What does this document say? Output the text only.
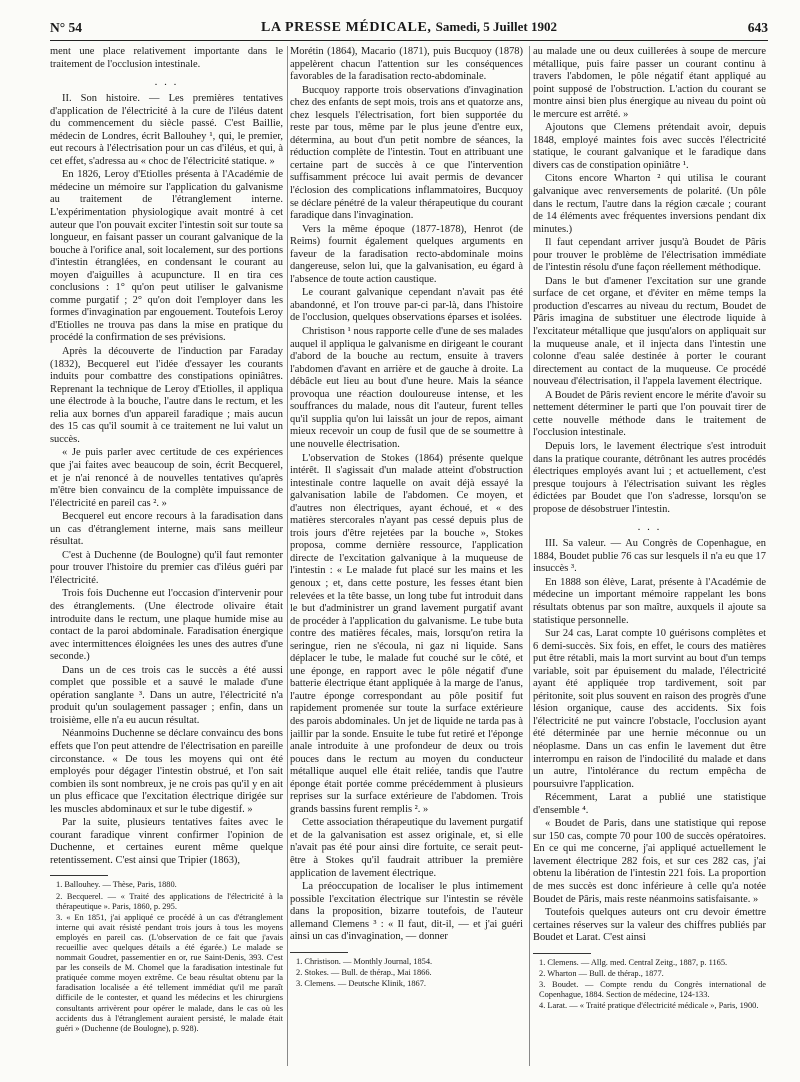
N° 54	LA PRESSE MÉDICALE, Samedi, 5 Juillet 1902	643

ment une place relativement importante dans le traitement de l'occlusion intestinale.

. . .

II. Son histoire. — Les premières tentatives d'application de l'électricité à la cure de l'iléus datent du commencement du siècle passé. C'est Baillie, médecin de Londres, écrit Ballouhey ¹, qui, le premier, eut recours à l'électrisation pour un cas d'iléus, et qui, à cet effet, s'adressa au « choc de l'électricité statique. »

En 1826, Leroy d'Etiolles présenta à l'Académie de médecine un mémoire sur l'application du galvanisme au traitement de l'étranglement interne. L'expérimentation physiologique avait montré à cet auteur que l'on pouvait exciter l'intestin soit sur toute sa longueur, en faisant passer un courant galvanique de la bouche à l'orifice anal, soit localement, sur des portions d'intestin étranglées, en condensant le courant au moyen d'aiguilles à acupuncture. Il en tira ces conclusions : 1° qu'on peut utiliser le galvanisme comme purgatif ; 2° qu'on doit l'employer dans les formes d'invagination par engouement. Toutefois Leroy d'Etiolles ne trouva pas dans la mise en pratique du procédé la confirmation de ses prévisions.

Après la découverte de l'induction par Faraday (1832), Becquerel eut l'idée d'essayer les courants induits pour combattre des constipations opiniâtres. Reprenant la technique de Leroy d'Etiolles, il appliqua une électrode à la bouche, l'autre dans le rectum, et les relia aux bornes d'un appareil faradique ; mais aucun des 15 cas qu'il soumit à ce traitement ne lui valut un succès.

« Je puis parler avec certitude de ces expériences que j'ai faites avec beaucoup de soin, écrit Becquerel, et je n'ai renoncé à de nouvelles tentatives qu'après m'être bien convaincu de la complète impuissance de l'électricité en pareil cas ². »

Becquerel eut encore recours à la faradisation dans un cas d'étranglement interne, mais sans meilleur résultat.

C'est à Duchenne (de Boulogne) qu'il faut remonter pour trouver l'histoire du premier cas d'iléus guéri par l'électricité.

Trois fois Duchenne eut l'occasion d'intervenir pour des étranglements. (Une électrode olivaire était introduite dans le rectum, une plaque humide mise au contact de la paroi abdominale. Faradisation énergique avec intermittences éloignées les unes des autres d'une seconde.)

Dans un de ces trois cas le succès a été aussi complet que possible et a sauvé le malade d'une opération sanglante ³. Dans un autre, l'électricité n'a produit qu'un soulagement passager ; enfin, dans un troisième, elle n'a eu aucun résultat.

Néanmoins Duchenne se déclare convaincu des bons effets que l'on peut attendre de l'électrisation en pareille circonstance. « De tous les moyens qui ont été employés pour dégager l'intestin obstrué, et l'on sait combien ils sont nombreux, je ne crois pas qu'il y en ait un plus efficace que l'excitation électrique dirigée sur les muscles abdominaux et sur le tube digestif. »

Par la suite, plusieurs tentatives faites avec le courant faradique vinrent confirmer l'opinion de Duchenne, et certaines eurent même quelque retentissement. C'est ainsi que Tripier (1863),

1. Ballouhey. — Thèse, Paris, 1880.

2. Becquerel. — « Traité des applications de l'électricité à la thérapeutique ». Paris, 1860, p. 295.

3. « En 1851, j'ai appliqué ce procédé à un cas d'étranglement interne qui avait résisté pendant trois jours à tous les moyens employés en pareil cas. (L'observation de ce fait que j'avais recueillie avec quelques détails a été égarée.) Le malade se nommait Goudret, passementier en or, rue Saint-Denis, 393. C'est par les conseils de M. Chomel que la faradisation intestinale fut pratiquée comme moyen extrême. Ce beau résultat obtenu par la faradisation localisée a été tellement immédiat qu'il me paraît difficile de le contester, et quand les médecins et les chirurgiens consultants arrivèrent pour opérer le malade, dans le cas où les accidents dus à l'étranglement auraient persisté, le malade était guéri » (Duchenne (de Boulogne), p. 928).

Morétin (1864), Macario (1871), puis Bucquoy (1878) appelèrent chacun l'attention sur les conséquences favorables de la faradisation recto-abdominale.

Bucquoy rapporte trois observations d'invagination chez des enfants de sept mois, trois ans et quatorze ans, chez lesquels l'électrisation, fort bien supportée du reste par tous, même par le plus jeune d'entre eux, détermina, au bout d'un petit nombre de séances, la réduction complète de l'intestin. Tout en attribuant une certaine part de succès à ce que l'intervention suffisamment précoce lui avait permis de devancer l'éclosion des complications inflammatoires, Bucquoy se déclare pénétré de la valeur thérapeutique du courant faradique dans l'invagination.

Vers la même époque (1877-1878), Henrot (de Reims) fournit également quelques arguments en faveur de la faradisation recto-abdominale moins dangereuse, selon lui, que la galvanisation, eu égard à l'absence de toute action caustique.

Le courant galvanique cependant n'avait pas été abandonné, et l'on trouve par-ci par-là, dans l'histoire de l'occlusion, quelques observations éparses et isolées.

Christison ¹ nous rapporte celle d'une de ses malades auquel il appliqua le galvanisme en dirigeant le courant d'abord de la bouche au rectum, ensuite à travers l'abdomen d'avant en arrière et de gauche à droite. La débâcle eut lieu au bout d'une heure. Mais la séance provoqua une réaction douloureuse intense, et les souffrances du malade, nous dit l'auteur, furent telles qu'il supplia qu'on lui laissât un jour de repos, aimant mieux recevoir un coup de fusil que de se soumettre à une nouvelle électrisation.

L'observation de Stokes (1864) présente quelque intérêt. Il s'agissait d'un malade atteint d'obstruction intestinale contre laquelle on avait déjà essayé la galvanisation labile de l'abdomen. Ce moyen, et d'autres non électriques, ayant échoué, et « des matières stercorales n'ayant pas cessé depuis plus de trois jours d'être rejetées par la bouche », Stokes proposa, comme dernière ressource, l'application directe de l'excitation galvanique à la muqueuse de l'intestin : « Le malade fut placé sur les mains et les genoux ; et, dans cette posture, les fesses étant bien relevées et la tête basse, un long tube fut introduit dans le but d'administrer un grand lavement purgatif avant de procéder à l'application du galvanisme. Le tube buta contre des matières fécales, mais, lorsqu'on retira la seringue, rien ne s'écoula, ni gaz ni liquide. Sans déplacer le tube, le malade fut couché sur le côté, et une éponge, en rapport avec le pôle négatif d'une batterie électrique étant appliquée à la marge de l'anus, l'autre éponge correspondant au pôle positif fut rapidement promenée sur toute la surface extérieure des parois abdominales. Un jet de liquide ne tarda pas à jaillir par la sonde. Ensuite le tube fut retiré et l'éponge anale introduite à une profondeur de deux ou trois pouces dans le rectum au moyen du conducteur métallique auquel elle était reliée, tandis que l'autre éponge était portée comme précédemment à plusieurs reprises sur la surface extérieure de l'abdomen. Trois grands bassins furent remplis ². »

Cette association thérapeutique du lavement purgatif et de la galvanisation est assez originale, et, si elle n'avait pas été pour ainsi dire fortuite, ce serait peut-être à Stokes qu'il faudrait attribuer la première application de lavement électrique.

La préoccupation de localiser le plus intimement possible l'excitation électrique sur l'intestin se révèle dans la proposition, bizarre toutefois, de l'auteur allemand Clemens ³ : « Il faut, dit-il, — et j'ai guéri ainsi un cas d'invagination, — donner

1. Christison. — Monthly Journal, 1854.

2. Stokes. — Bull. de thérap., Mai 1866.

3. Clemens. — Deutsche Klinik, 1867.

au malade une ou deux cuillerées à soupe de mercure métallique, puis faire passer un courant continu à travers l'abdomen, le pôle négatif étant appliqué au point supposé de l'obstruction. L'action du courant se montre ainsi bien plus énergique au niveau du point où le mercure est arrêté. »

Ajoutons que Clemens prétendait avoir, depuis 1848, employé maintes fois avec succès l'électricité statique, le courant galvanique et le faradique dans divers cas de constipation opiniâtre ¹.

Citons encore Wharton ² qui utilisa le courant galvanique avec renversements de polarité. (Un pôle dans le rectum, l'autre dans la région cæcale ; courant de 14 éléments avec fréquentes inversions pendant dix minutes.)

Il faut cependant arriver jusqu'à Boudet de Pâris pour trouver le problème de l'électrisation immédiate de l'intestin résolu d'une façon réellement méthodique.

Dans le but d'amener l'excitation sur une grande surface de cet organe, et d'éviter en même temps la production d'escarres au niveau du rectum, Boudet de Pâris imagina de substituer une électrode liquide à l'excitateur métallique que jusqu'alors on appliquait sur la muqueuse anale, et il injecta dans l'intestin une colonne d'eau salée destinée à porter le courant directement au contact de la muqueuse. Ce procédé nouveau d'électrisation, il l'appela lavement électrique.

A Boudet de Pâris revient encore le mérite d'avoir su nettement déterminer le parti que l'on pouvait tirer de cette nouvelle méthode dans le traitement de l'occlusion intestinale.

Depuis lors, le lavement électrique s'est introduit dans la pratique courante, détrônant les autres procédés électriques employés avant lui ; et actuellement, c'est presque toujours à l'électrisation suivant les règles édictées par Boudet que l'on s'adresse, lorsqu'on se propose de désobstruer l'intestin.

. . .

III. Sa valeur. — Au Congrès de Copenhague, en 1884, Boudet publie 76 cas sur lesquels il n'a eu que 17 insuccès ³.

En 1888 son élève, Larat, présente à l'Académie de médecine un important mémoire rappelant les bons résultats obtenus par son maître, auxquels il ajoute sa statistique personnelle.

Sur 24 cas, Larat compte 10 guérisons complètes et 6 demi-succès. Six fois, en effet, le cours des matières put être rétabli, mais la mort survint au bout d'un temps variable, soit par épuisement du malade, l'électricité ayant été appliquée trop tardivement, soit par péritonite, soit plus souvent en raison des progrès d'une lésion organique, cause des accidents. Six fois l'électricité ne put vaincre l'obstacle, l'occlusion ayant été déterminée par une hernie méconnue ou un néoplasme. Dans un cas enfin le lavement dut être interrompu en raison de l'indocilité du malade et dans un autre, l'intolérance du rectum empêcha de poursuivre l'application.

Récemment, Larat a publié une statistique d'ensemble ⁴.

« Boudet de Paris, dans une statistique qui repose sur 150 cas, compte 70 pour 100 de succès opératoires. En ce qui me concerne, j'ai appliqué actuellement le lavement électrique 282 fois, et sur ces 282 cas, j'ai obtenu la libération de l'intestin 221 fois. La proportion de mes succès est donc inférieure à celle qu'a notée Boudet de Pâris, mais reste néanmoins satisfaisante. »

Toutefois quelques auteurs ont cru devoir émettre certaines réserves sur la valeur des chiffres publiés par Boudet et Larat. C'est ainsi

1. Clemens. — Allg. med. Central Zeitg., 1887, p. 1165.

2. Wharton — Bull. de thérap., 1877.

3. Boudet. — Compte rendu du Congrès international de Copenhague, 1884. Section de médecine, 124-133.

4. Larat. — « Traité pratique d'électricité médicale », Paris, 1900.
